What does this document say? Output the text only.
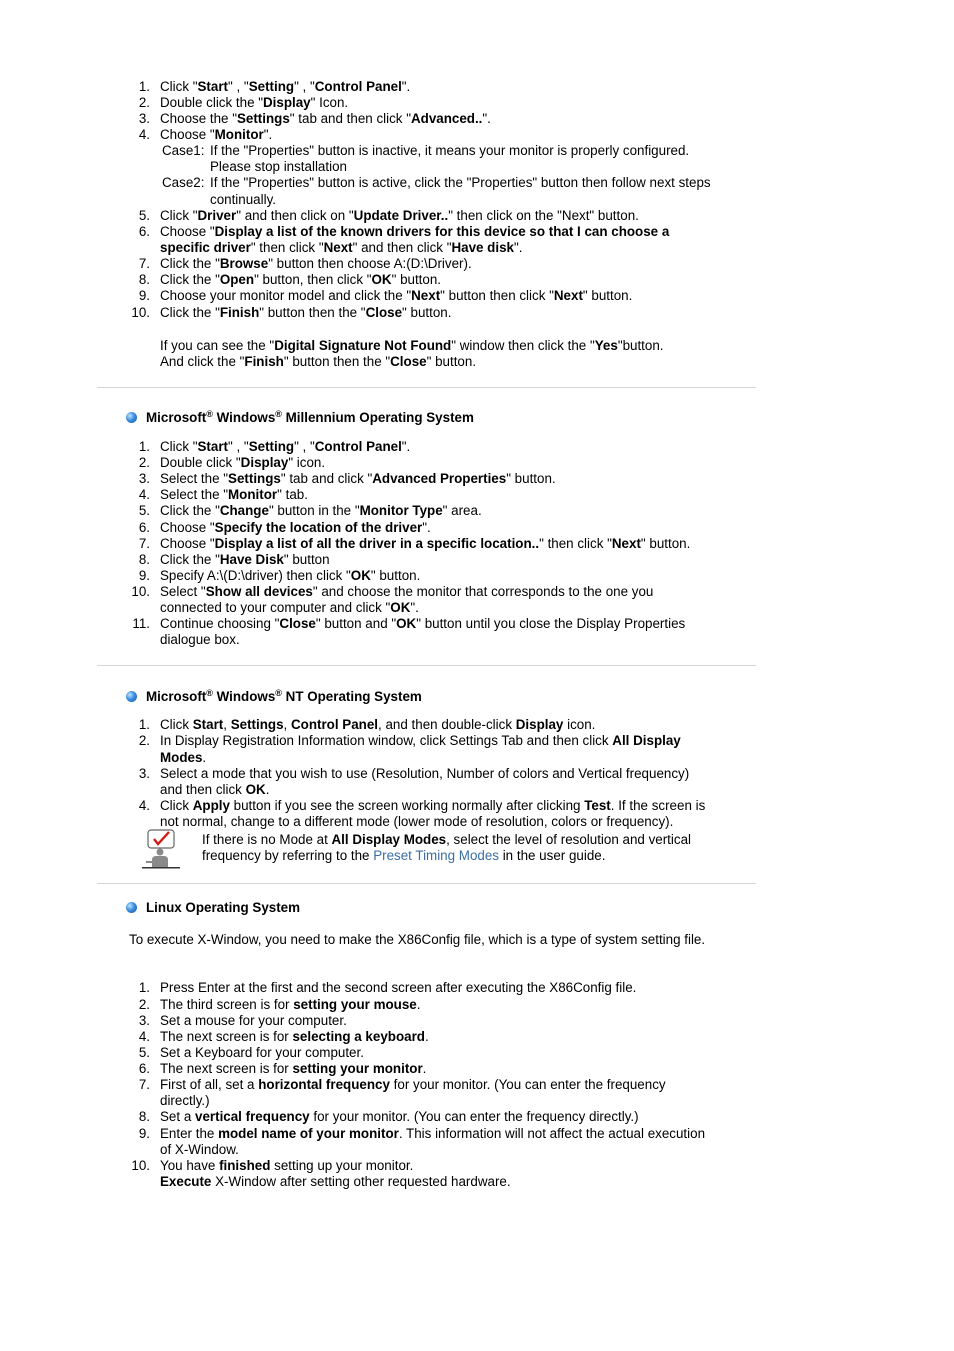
1. Click "Start" , "Setting" , "Control Panel".
2. Double click the "Display" Icon.
3. Choose the "Settings" tab and then click "Advanced..".
4. Choose "Monitor".
Case1: If the "Properties" button is inactive, it means your monitor is properly configured.
Please stop installation
Case2: If the "Properties" button is active, click the "Properties" button then follow next steps
continually.
5. Click "Driver" and then click on "Update Driver.." then click on the "Next" button.
6. Choose "Display a list of the known drivers for this device so that I can choose a
specific driver" then click "Next" and then click "Have disk".
7. Click the "Browse" button then choose A:(D:\Driver).
8. Click the "Open" button, then click "OK" button.
9. Choose your monitor model and click the "Next" button then click "Next" button.
10. Click the "Finish" button then the "Close" button.
If you can see the "Digital Signature Not Found" window then click the "Yes"button.
And click the "Finish" button then the "Close" button.
Microsoft® Windows® Millennium Operating System
1. Click "Start" , "Setting" , "Control Panel".
2. Double click "Display" icon.
3. Select the "Settings" tab and click "Advanced Properties" button.
4. Select the "Monitor" tab.
5. Click the "Change" button in the "Monitor Type" area.
6. Choose "Specify the location of the driver".
7. Choose "Display a list of all the driver in a specific location.." then click "Next" button.
8. Click the "Have Disk" button
9. Specify A:\(D:\driver) then click "OK" button.
10. Select "Show all devices" and choose the monitor that corresponds to the one you
connected to your computer and click "OK".
11. Continue choosing "Close" button and "OK" button until you close the Display Properties
dialogue box.
Microsoft® Windows® NT Operating System
1. Click Start, Settings, Control Panel, and then double-click Display icon.
2. In Display Registration Information window, click Settings Tab and then click All Display
Modes.
3. Select a mode that you wish to use (Resolution, Number of colors and Vertical frequency)
and then click OK.
4. Click Apply button if you see the screen working normally after clicking Test. If the screen is
not normal, change to a different mode (lower mode of resolution, colors or frequency).
If there is no Mode at All Display Modes, select the level of resolution and vertical
frequency by referring to the Preset Timing Modes in the user guide.
Linux Operating System
To execute X-Window, you need to make the X86Config file, which is a type of system setting file.
1. Press Enter at the first and the second screen after executing the X86Config file.
2. The third screen is for setting your mouse.
3. Set a mouse for your computer.
4. The next screen is for selecting a keyboard.
5. Set a Keyboard for your computer.
6. The next screen is for setting your monitor.
7. First of all, set a horizontal frequency for your monitor. (You can enter the frequency
directly.)
8. Set a vertical frequency for your monitor. (You can enter the frequency directly.)
9. Enter the model name of your monitor. This information will not affect the actual execution
of X-Window.
10. You have finished setting up your monitor.
Execute X-Window after setting other requested hardware.
